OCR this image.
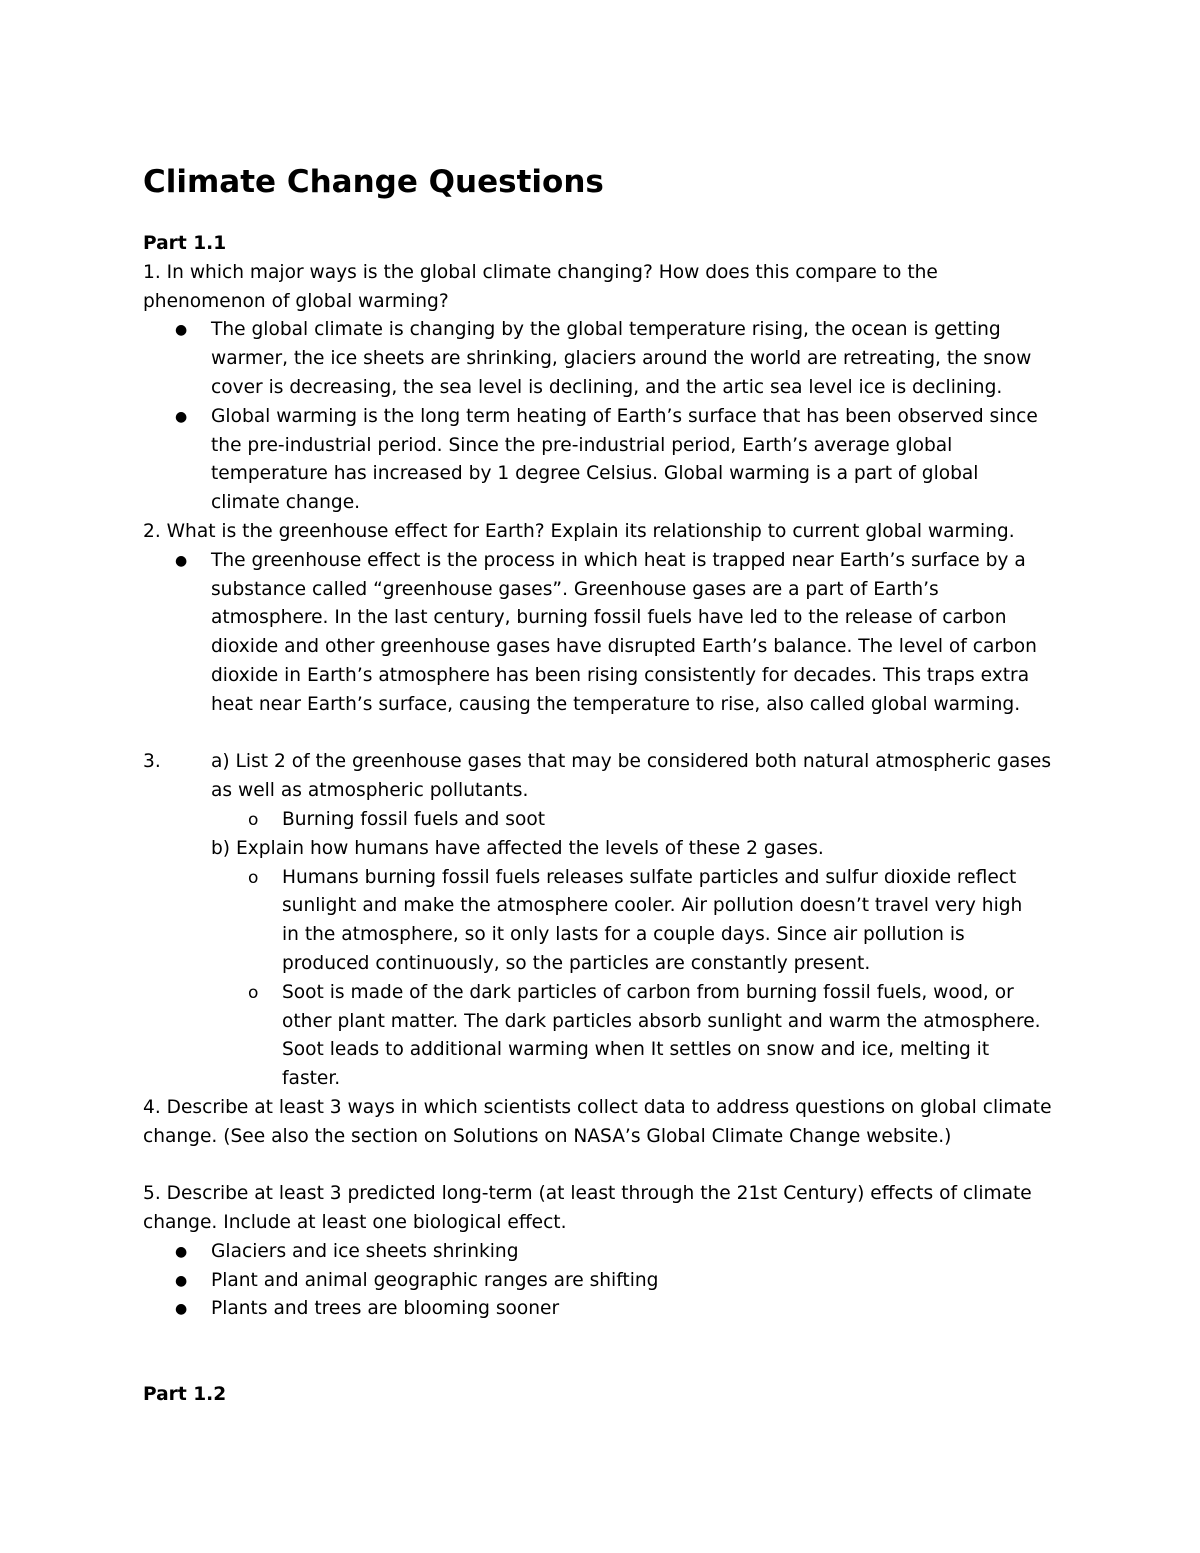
Climate Change Questions
Part 1.1
1. In which major ways is the global climate changing? How does this compare to the
phenomenon of global warming?
● The global climate is changing by the global temperature rising, the ocean is getting
warmer, the ice sheets are shrinking, glaciers around the world are retreating, the snow
cover is decreasing, the sea level is declining, and the artic sea level ice is declining.
● Global warming is the long term heating of Earth’s surface that has been observed since
the pre-industrial period. Since the pre-industrial period, Earth’s average global
temperature has increased by 1 degree Celsius. Global warming is a part of global
climate change.
2. What is the greenhouse effect for Earth? Explain its relationship to current global warming.
● The greenhouse effect is the process in which heat is trapped near Earth’s surface by a
substance called “greenhouse gases”. Greenhouse gases are a part of Earth’s
atmosphere. In the last century, burning fossil fuels have led to the release of carbon
dioxide and other greenhouse gases have disrupted Earth’s balance. The level of carbon
dioxide in Earth’s atmosphere has been rising consistently for decades. This traps extra
heat near Earth’s surface, causing the temperature to rise, also called global warming.
3.	a) List 2 of the greenhouse gases that may be considered both natural atmospheric gases
as well as atmospheric pollutants.
o Burning fossil fuels and soot
b) Explain how humans have affected the levels of these 2 gases.
o Humans burning fossil fuels releases sulfate particles and sulfur dioxide reflect
sunlight and make the atmosphere cooler. Air pollution doesn’t travel very high
in the atmosphere, so it only lasts for a couple days. Since air pollution is
produced continuously, so the particles are constantly present.
o Soot is made of the dark particles of carbon from burning fossil fuels, wood, or
other plant matter. The dark particles absorb sunlight and warm the atmosphere.
Soot leads to additional warming when It settles on snow and ice, melting it
faster.
4. Describe at least 3 ways in which scientists collect data to address questions on global climate
change. (See also the section on Solutions on NASA’s Global Climate Change website.)
5. Describe at least 3 predicted long-term (at least through the 21st Century) effects of climate
change. Include at least one biological effect.
● Glaciers and ice sheets shrinking
● Plant and animal geographic ranges are shifting
● Plants and trees are blooming sooner
Part 1.2
